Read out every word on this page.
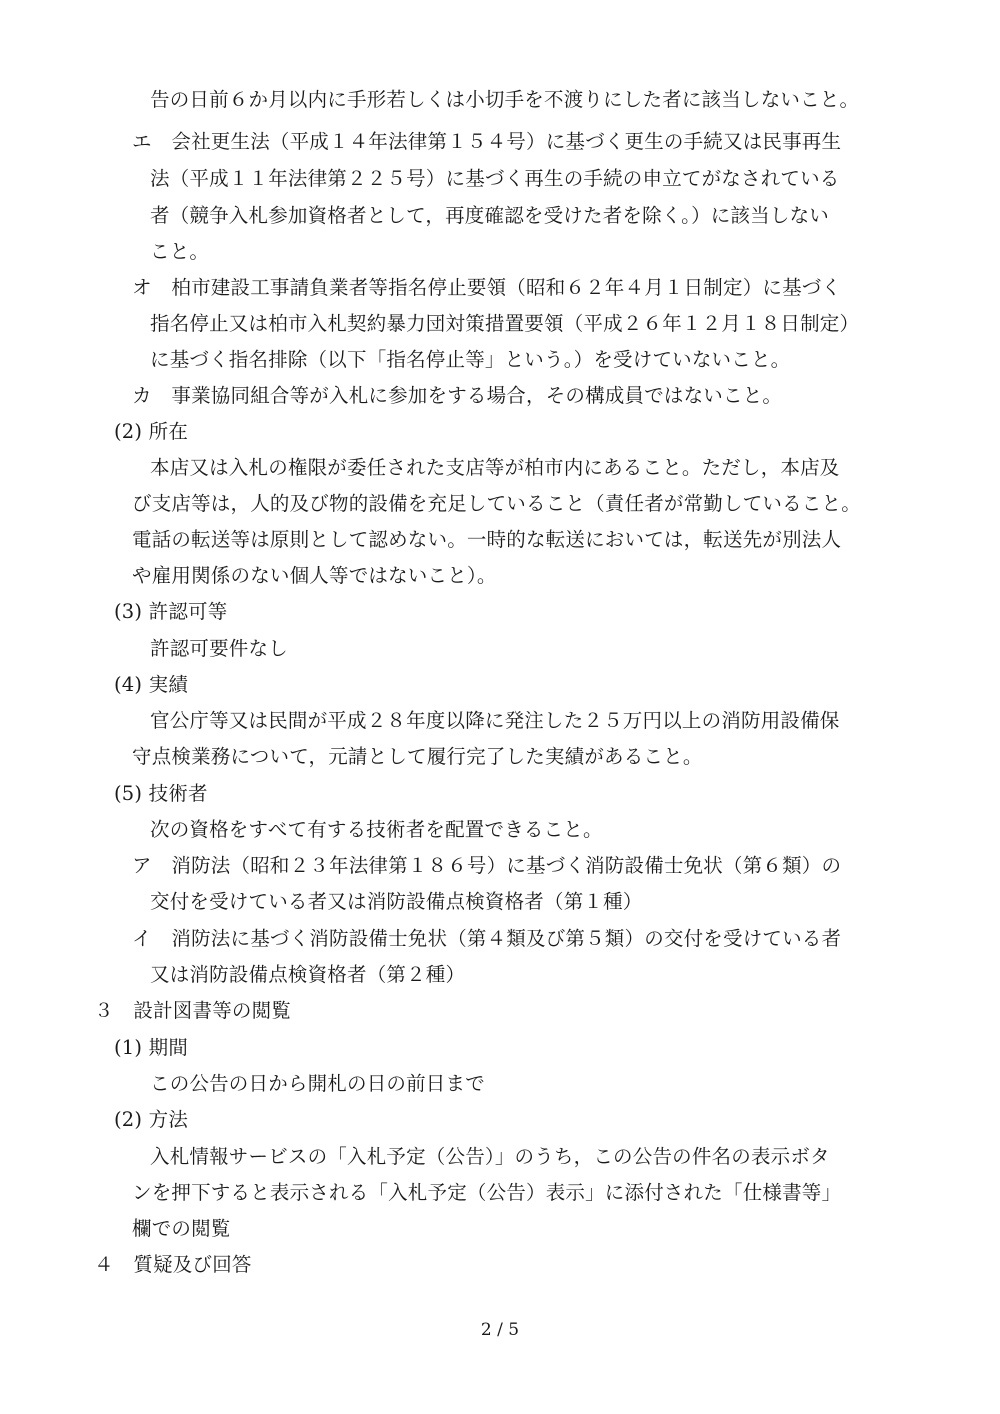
告の日前６か月以内に手形若しくは小切手を不渡りにした者に該当しないこと。
エ　会社更生法（平成１４年法律第１５４号）に基づく更生の手続又は民事再生
法（平成１１年法律第２２５号）に基づく再生の手続の申立てがなされている
者（競争入札参加資格者として，再度確認を受けた者を除く。）に該当しない
こと。
オ　柏市建設工事請負業者等指名停止要領（昭和６２年４月１日制定）に基づく
指名停止又は柏市入札契約暴力団対策措置要領（平成２６年１２月１８日制定）
に基づく指名排除（以下「指名停止等」という。）を受けていないこと。
カ　事業協同組合等が入札に参加をする場合，その構成員ではないこと。
(2) 所在
本店又は入札の権限が委任された支店等が柏市内にあること。ただし，本店及
び支店等は，人的及び物的設備を充足していること（責任者が常勤していること。
電話の転送等は原則として認めない。一時的な転送においては，転送先が別法人
や雇用関係のない個人等ではないこと）。
(3) 許認可等
許認可要件なし
(4) 実績
官公庁等又は民間が平成２８年度以降に発注した２５万円以上の消防用設備保
守点検業務について，元請として履行完了した実績があること。
(5) 技術者
次の資格をすべて有する技術者を配置できること。
ア　消防法（昭和２３年法律第１８６号）に基づく消防設備士免状（第６類）の
交付を受けている者又は消防設備点検資格者（第１種）
イ　消防法に基づく消防設備士免状（第４類及び第５類）の交付を受けている者
又は消防設備点検資格者（第２種）
３　設計図書等の閲覧
(1) 期間
この公告の日から開札の日の前日まで
(2) 方法
入札情報サービスの「入札予定（公告）」のうち，この公告の件名の表示ボタ
ンを押下すると表示される「入札予定（公告）表示」に添付された「仕様書等」
欄での閲覧
４　質疑及び回答
2 / 5
